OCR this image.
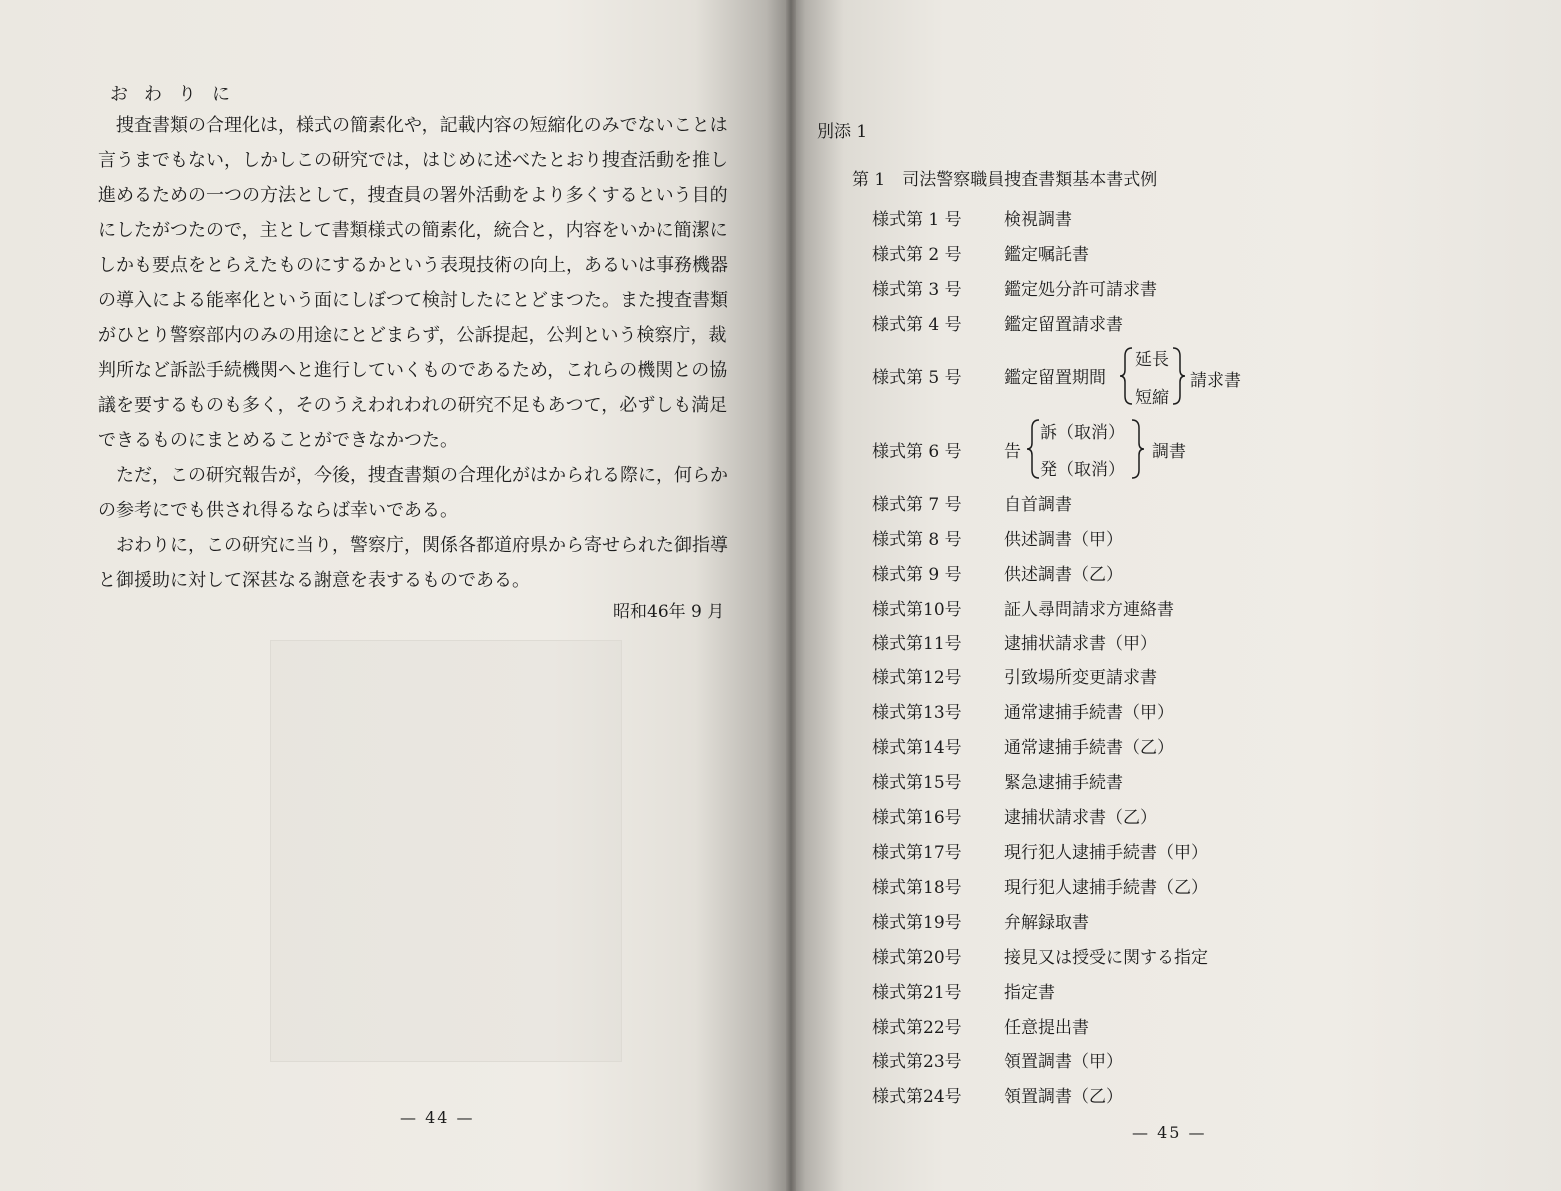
おわりに

捜査書類の合理化は，様式の簡素化や，記載内容の短縮化のみでないことは
言うまでもない，しかしこの研究では，はじめに述べたとおり捜査活動を推し
進めるための一つの方法として，捜査員の署外活動をより多くするという目的
にしたがつたので，主として書類様式の簡素化，統合と，内容をいかに簡潔に
しかも要点をとらえたものにするかという表現技術の向上，あるいは事務機器
の導入による能率化という面にしぼつて検討したにとどまつた。また捜査書類
がひとり警察部内のみの用途にとどまらず，公訴提起，公判という検察庁，裁
判所など訴訟手続機関へと進行していくものであるため，これらの機関との協
議を要するものも多く，そのうえわれわれの研究不足もあつて，必ずしも満足
できるものにまとめることができなかつた。

ただ，この研究報告が，今後，捜査書類の合理化がはかられる際に，何らか
の参考にでも供され得るならば幸いである。

おわりに，この研究に当り，警察庁，関係各都道府県から寄せられた御指導
と御援助に対して深甚なる謝意を表するものである。

昭和46年 9 月
— 44 —
別添 1
第 1　司法警察職員捜査書類基本書式例
様式第 1 号 検視調書
様式第 2 号 鑑定嘱託書
様式第 3 号 鑑定処分許可請求書
様式第 4 号 鑑定留置請求書
様式第 5 号 鑑定留置期間
延長
短縮
請求書
様式第 6 号 告
訴（取消）
発（取消）
調書
様式第 7 号 自首調書
様式第 8 号 供述調書（甲）
様式第 9 号 供述調書（乙）
様式第10号 証人尋問請求方連絡書
様式第11号 逮捕状請求書（甲）
様式第12号 引致場所変更請求書
様式第13号 通常逮捕手続書（甲）
様式第14号 通常逮捕手続書（乙）
様式第15号 緊急逮捕手続書
様式第16号 逮捕状請求書（乙）
様式第17号 現行犯人逮捕手続書（甲）
様式第18号 現行犯人逮捕手続書（乙）
様式第19号 弁解録取書
様式第20号 接見又は授受に関する指定
様式第21号 指定書
様式第22号 任意提出書
様式第23号 領置調書（甲）
様式第24号 領置調書（乙）
— 45 —
